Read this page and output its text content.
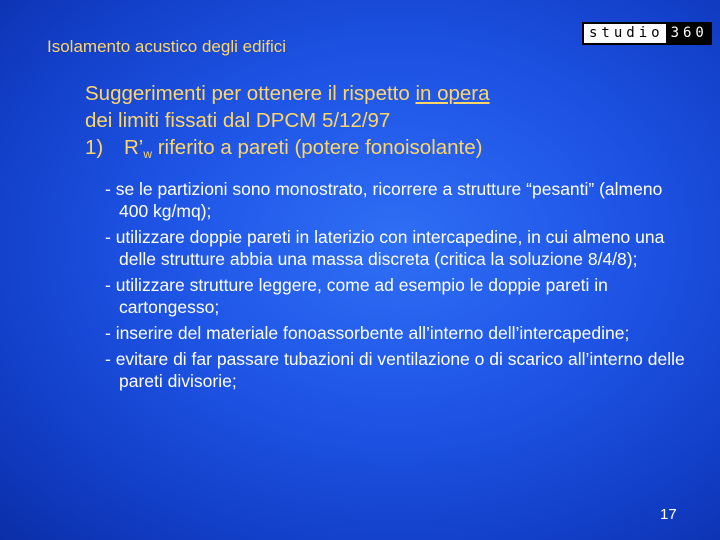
Isolamento acustico degli edifici
studio 360
Suggerimenti per ottenere il rispetto in opera
dei limiti fissati dal DPCM 5/12/97
1) $R’_w$ riferito a pareti (potere fonoisolante)
- se le partizioni sono monostrato, ricorrere a strutture “pesanti” (almeno 400 kg/mq);
- utilizzare doppie pareti in laterizio con intercapedine, in cui almeno una delle strutture abbia una massa discreta (critica la soluzione 8/4/8);
- utilizzare strutture leggere, come ad esempio le doppie pareti in cartongesso;
- inserire del materiale fonoassorbente all’interno dell’intercapedine;
- evitare di far passare tubazioni di ventilazione o di scarico all’interno delle pareti divisorie;
17
